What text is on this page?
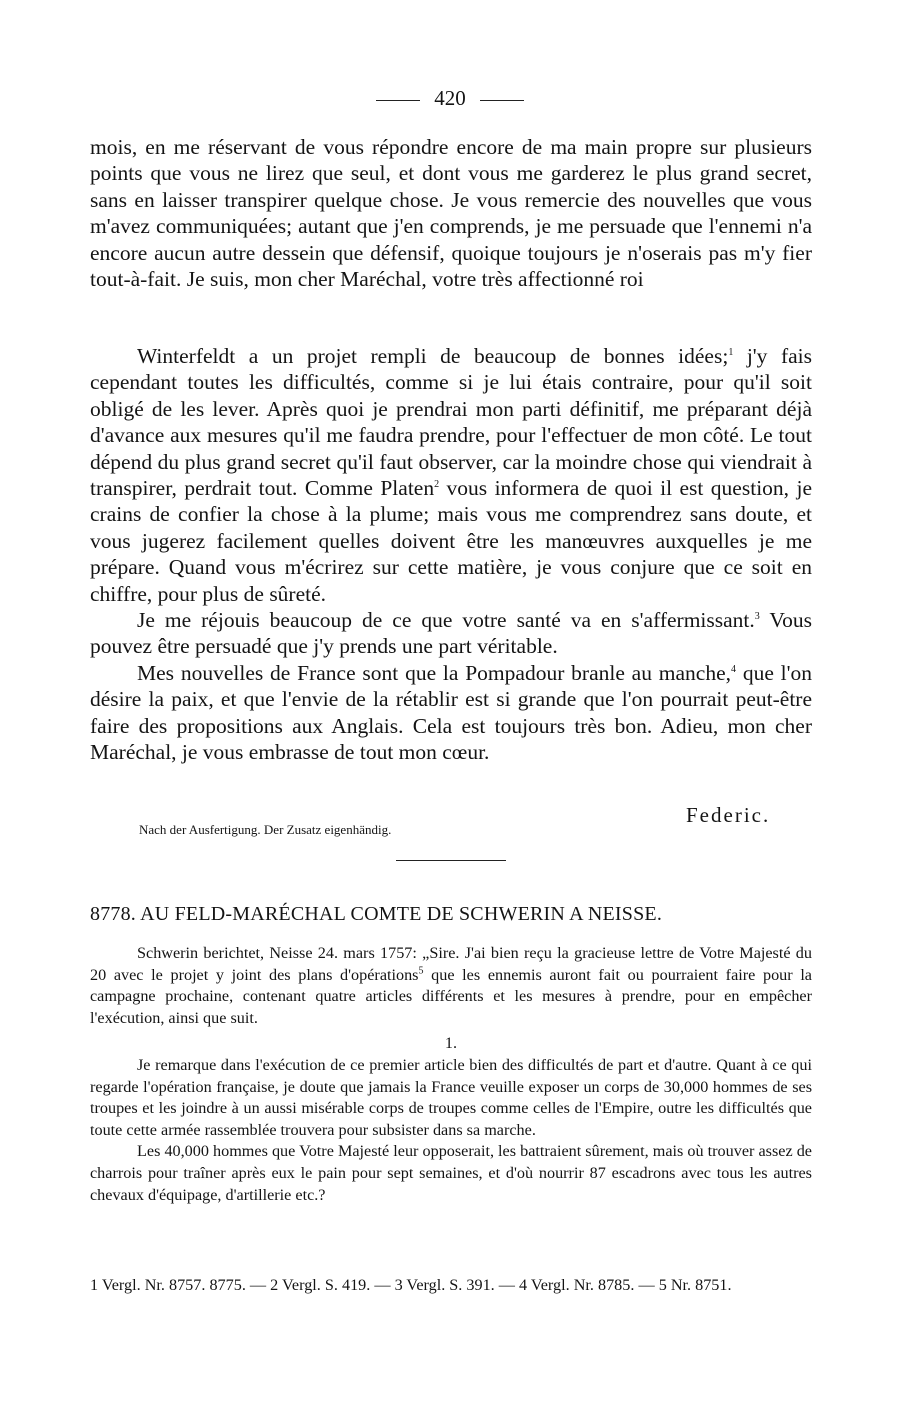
420

mois, en me réservant de vous répondre encore de ma main propre sur plusieurs points que vous ne lirez que seul, et dont vous me garderez le plus grand secret, sans en laisser transpirer quelque chose. Je vous remercie des nouvelles que vous m'avez communiquées; autant que j'en comprends, je me persuade que l'ennemi n'a encore aucun autre dessein que défensif, quoique toujours je n'oserais pas m'y fier tout-à-fait. Je suis, mon cher Maréchal, votre très affectionné roi

Winterfeldt a un projet rempli de beaucoup de bonnes idées;$^1$ j'y fais cependant toutes les difficultés, comme si je lui étais contraire, pour qu'il soit obligé de les lever. Après quoi je prendrai mon parti définitif, me préparant déjà d'avance aux mesures qu'il me faudra prendre, pour l'effectuer de mon côté. Le tout dépend du plus grand secret qu'il faut observer, car la moindre chose qui viendrait à transpirer, perdrait tout. Comme Platen$^2$ vous informera de quoi il est question, je crains de confier la chose à la plume; mais vous me comprendrez sans doute, et vous jugerez facilement quelles doivent être les manœuvres auxquelles je me prépare. Quand vous m'écrirez sur cette matière, je vous conjure que ce soit en chiffre, pour plus de sûreté.

Je me réjouis beaucoup de ce que votre santé va en s'affermissant.$^3$ Vous pouvez être persuadé que j'y prends une part véritable.

Mes nouvelles de France sont que la Pompadour branle au manche,$^4$ que l'on désire la paix, et que l'envie de la rétablir est si grande que l'on pourrait peut-être faire des propositions aux Anglais. Cela est toujours très bon. Adieu, mon cher Maréchal, je vous embrasse de tout mon cœur.

Federic.
Nach der Ausfertigung. Der Zusatz eigenhändig.
8778. AU FELD-MARÉCHAL COMTE DE SCHWERIN A NEISSE.

Schwerin berichtet, Neisse 24. mars 1757: „Sire. J'ai bien reçu la gracieuse lettre de Votre Majesté du 20 avec le projet y joint des plans d'opérations$^5$ que les ennemis auront fait ou pourraient faire pour la campagne prochaine, contenant quatre articles différents et les mesures à prendre, pour en empêcher l'exécution, ainsi que suit.

1.

Je remarque dans l'exécution de ce premier article bien des difficultés de part et d'autre. Quant à ce qui regarde l'opération française, je doute que jamais la France veuille exposer un corps de 30,000 hommes de ses troupes et les joindre à un aussi misérable corps de troupes comme celles de l'Empire, outre les difficultés que toute cette armée rassemblée trouvera pour subsister dans sa marche.

Les 40,000 hommes que Votre Majesté leur opposerait, les battraient sûrement, mais où trouver assez de charrois pour traîner après eux le pain pour sept semaines, et d'où nourrir 87 escadrons avec tous les autres chevaux d'équipage, d'artillerie etc.?

1 Vergl. Nr. 8757. 8775. — 2 Vergl. S. 419. — 3 Vergl. S. 391. — 4 Vergl. Nr. 8785. — 5 Nr. 8751.
